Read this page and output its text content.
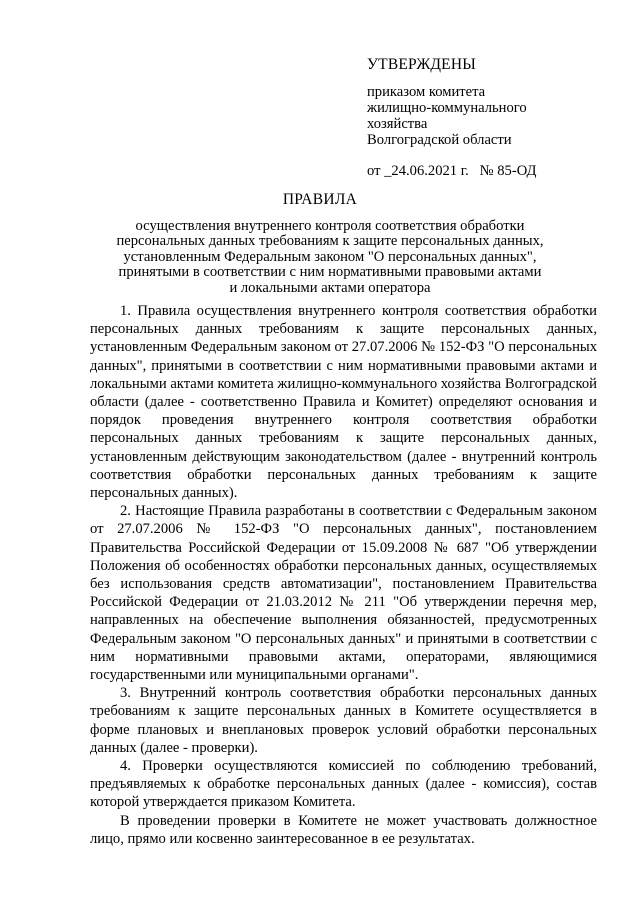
УТВЕРЖДЕНЫ
приказом комитета
жилищно-коммунального
хозяйства
Волгоградской области
от _24.06.2021 г.   № 85-ОД
ПРАВИЛА
осуществления внутреннего контроля соответствия обработки
персональных данных требованиям к защите персональных данных,
установленным Федеральным законом "О персональных данных",
принятыми в соответствии с ним нормативными правовыми актами
и локальными актами оператора

1. Правила осуществления внутреннего контроля соответствия обработки персональных данных требованиям к защите персональных данных, установленным Федеральным законом от 27.07.2006 № 152-ФЗ "О персональных данных", принятыми в соответствии с ним нормативными правовыми актами и локальными актами комитета жилищно-коммунального хозяйства Волгоградской области (далее - соответственно Правила и Комитет) определяют основания и порядок проведения внутреннего контроля соответствия обработки персональных данных требованиям к защите персональных данных, установленным действующим законодательством (далее - внутренний контроль соответствия обработки персональных данных требованиям к защите персональных данных).

2. Настоящие Правила разработаны в соответствии с Федеральным законом от 27.07.2006 № 152-ФЗ "О персональных данных", постановлением Правительства Российской Федерации от 15.09.2008 № 687 "Об утверждении Положения об особенностях обработки персональных данных, осуществляемых без использования средств автоматизации", постановлением Правительства Российской Федерации от 21.03.2012 № 211 "Об утверждении перечня мер, направленных на обеспечение выполнения обязанностей, предусмотренных Федеральным законом "О персональных данных" и принятыми в соответствии с ним нормативными правовыми актами, операторами, являющимися государственными или муниципальными органами".

3. Внутренний контроль соответствия обработки персональных данных требованиям к защите персональных данных в Комитете осуществляется в форме плановых и внеплановых проверок условий обработки персональных данных (далее - проверки).

4. Проверки осуществляются комиссией по соблюдению требований, предъявляемых к обработке персональных данных (далее - комиссия), состав которой утверждается приказом Комитета.

В проведении проверки в Комитете не может участвовать должностное лицо, прямо или косвенно заинтересованное в ее результатах.
